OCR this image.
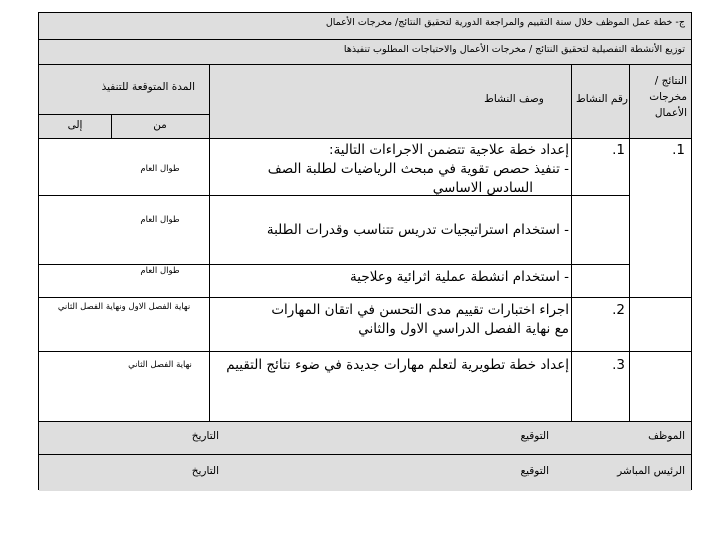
ج- خطة عمل الموظف خلال سنة التقييم والمراجعة الدورية لتحقيق النتائج/ مخرجات الأعمال
توزيع الأنشطة التفصيلية لتحقيق النتائج / مخرجات الأعمال والاحتياجات المطلوب تنفيذها
النتائج / مخرجات الأعمال
رقم النشاط
وصف النشاط
المدة المتوقعة للتنفيذ
من
إلى
1.
1.
إعداد خطة علاجية تتضمن الاجراءات التالية:
- تنفيذ حصص تقوية في مبحث الرياضيات لطلبة الصف
السادس الاساسي
طوال العام
- استخدام استراتيجيات تدريس تتناسب وقدرات الطلبة
طوال العام
- استخدام انشطة عملية اثرائية وعلاجية
طوال العام
2.
اجراء اختبارات تقييم مدى التحسن في اتقان المهارات
مع نهاية الفصل الدراسي الاول والثاني
نهاية الفصل الاول ونهاية الفصل الثاني
3.
إعداد خطة تطويرية لتعلم مهارات جديدة في ضوء نتائج التقييم
نهاية الفصل الثاني
الموظف
التوقيع
التاريخ
الرئيس المباشر
التوقيع
التاريخ
